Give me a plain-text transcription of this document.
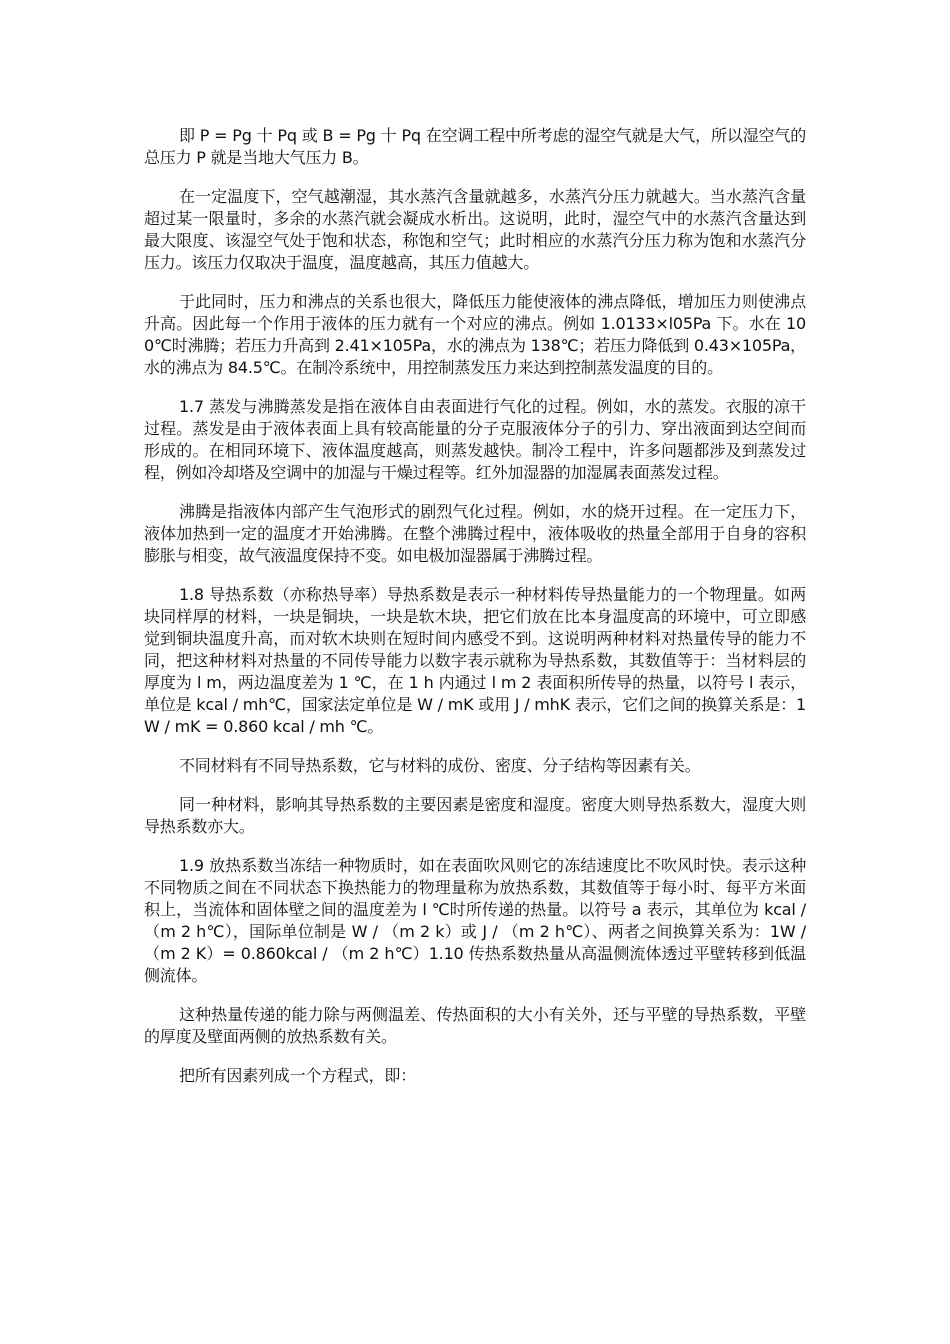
即 P = Pg 十 Pq 或 B = Pg 十 Pq 在空调工程中所考虑的湿空气就是大气，所以湿空气的总压力 P 就是当地大气压力 B。

在一定温度下，空气越潮湿，其水蒸汽含量就越多，水蒸汽分压力就越大。当水蒸汽含量超过某一限量时，多余的水蒸汽就会凝成水析出。这说明，此时，湿空气中的水蒸汽含量达到最大限度、该湿空气处于饱和状态，称饱和空气；此时相应的水蒸汽分压力称为饱和水蒸汽分压力。该压力仅取决于温度，温度越高，其压力值越大。

于此同时，压力和沸点的关系也很大，降低压力能使液体的沸点降低，增加压力则使沸点升高。因此每一个作用于液体的压力就有一个对应的沸点。例如 1.0133×l05Pa 下。水在 100℃时沸腾；若压力升高到 2.41×105Pa，水的沸点为 138℃；若压力降低到 0.43×105Pa，水的沸点为 84.5℃。在制冷系统中，用控制蒸发压力来达到控制蒸发温度的目的。

1.7 蒸发与沸腾蒸发是指在液体自由表面进行气化的过程。例如，水的蒸发。衣服的凉干过程。蒸发是由于液体表面上具有较高能量的分子克服液体分子的引力、穿出液面到达空间而形成的。在相同环境下、液体温度越高，则蒸发越快。制冷工程中，许多问题都涉及到蒸发过程，例如冷却塔及空调中的加湿与干燥过程等。红外加湿器的加湿属表面蒸发过程。

沸腾是指液体内部产生气泡形式的剧烈气化过程。例如，水的烧开过程。在一定压力下，液体加热到一定的温度才开始沸腾。在整个沸腾过程中，液体吸收的热量全部用于自身的容积膨胀与相变，故气液温度保持不变。如电极加湿器属于沸腾过程。

1.8 导热系数（亦称热导率）导热系数是表示一种材料传导热量能力的一个物理量。如两块同样厚的材料，一块是铜块，一块是软木块，把它们放在比本身温度高的环境中，可立即感觉到铜块温度升高，而对软木块则在短时间内感受不到。这说明两种材料对热量传导的能力不同，把这种材料对热量的不同传导能力以数字表示就称为导热系数，其数值等于：当材料层的厚度为 l m，两边温度差为 1 ℃，在 1 h 内通过 l m 2 表面积所传导的热量，以符号 l 表示，单位是 kcal / mh℃，国家法定单位是 W / mK 或用 J / mhK 表示，它们之间的换算关系是：1W / mK = 0.860 kcal / mh ℃。

不同材料有不同导热系数，它与材料的成份、密度、分子结构等因素有关。

同一种材料，影响其导热系数的主要因素是密度和湿度。密度大则导热系数大，湿度大则导热系数亦大。

1.9 放热系数当冻结一种物质时，如在表面吹风则它的冻结速度比不吹风时快。表示这种不同物质之间在不同状态下换热能力的物理量称为放热系数，其数值等于每小时、每平方米面积上，当流体和固体壁之间的温度差为 l ℃时所传递的热量。以符号 a 表示，其单位为 kcal / （m 2 h℃），国际单位制是 W / （m 2 k）或 J / （m 2 h℃）、两者之间换算关系为：1W / （m 2 K）= 0.860kcal / （m 2 h℃）1.10 传热系数热量从高温侧流体透过平壁转移到低温侧流体。

这种热量传递的能力除与两侧温差、传热面积的大小有关外，还与平壁的导热系数，平壁的厚度及壁面两侧的放热系数有关。

把所有因素列成一个方程式，即：
